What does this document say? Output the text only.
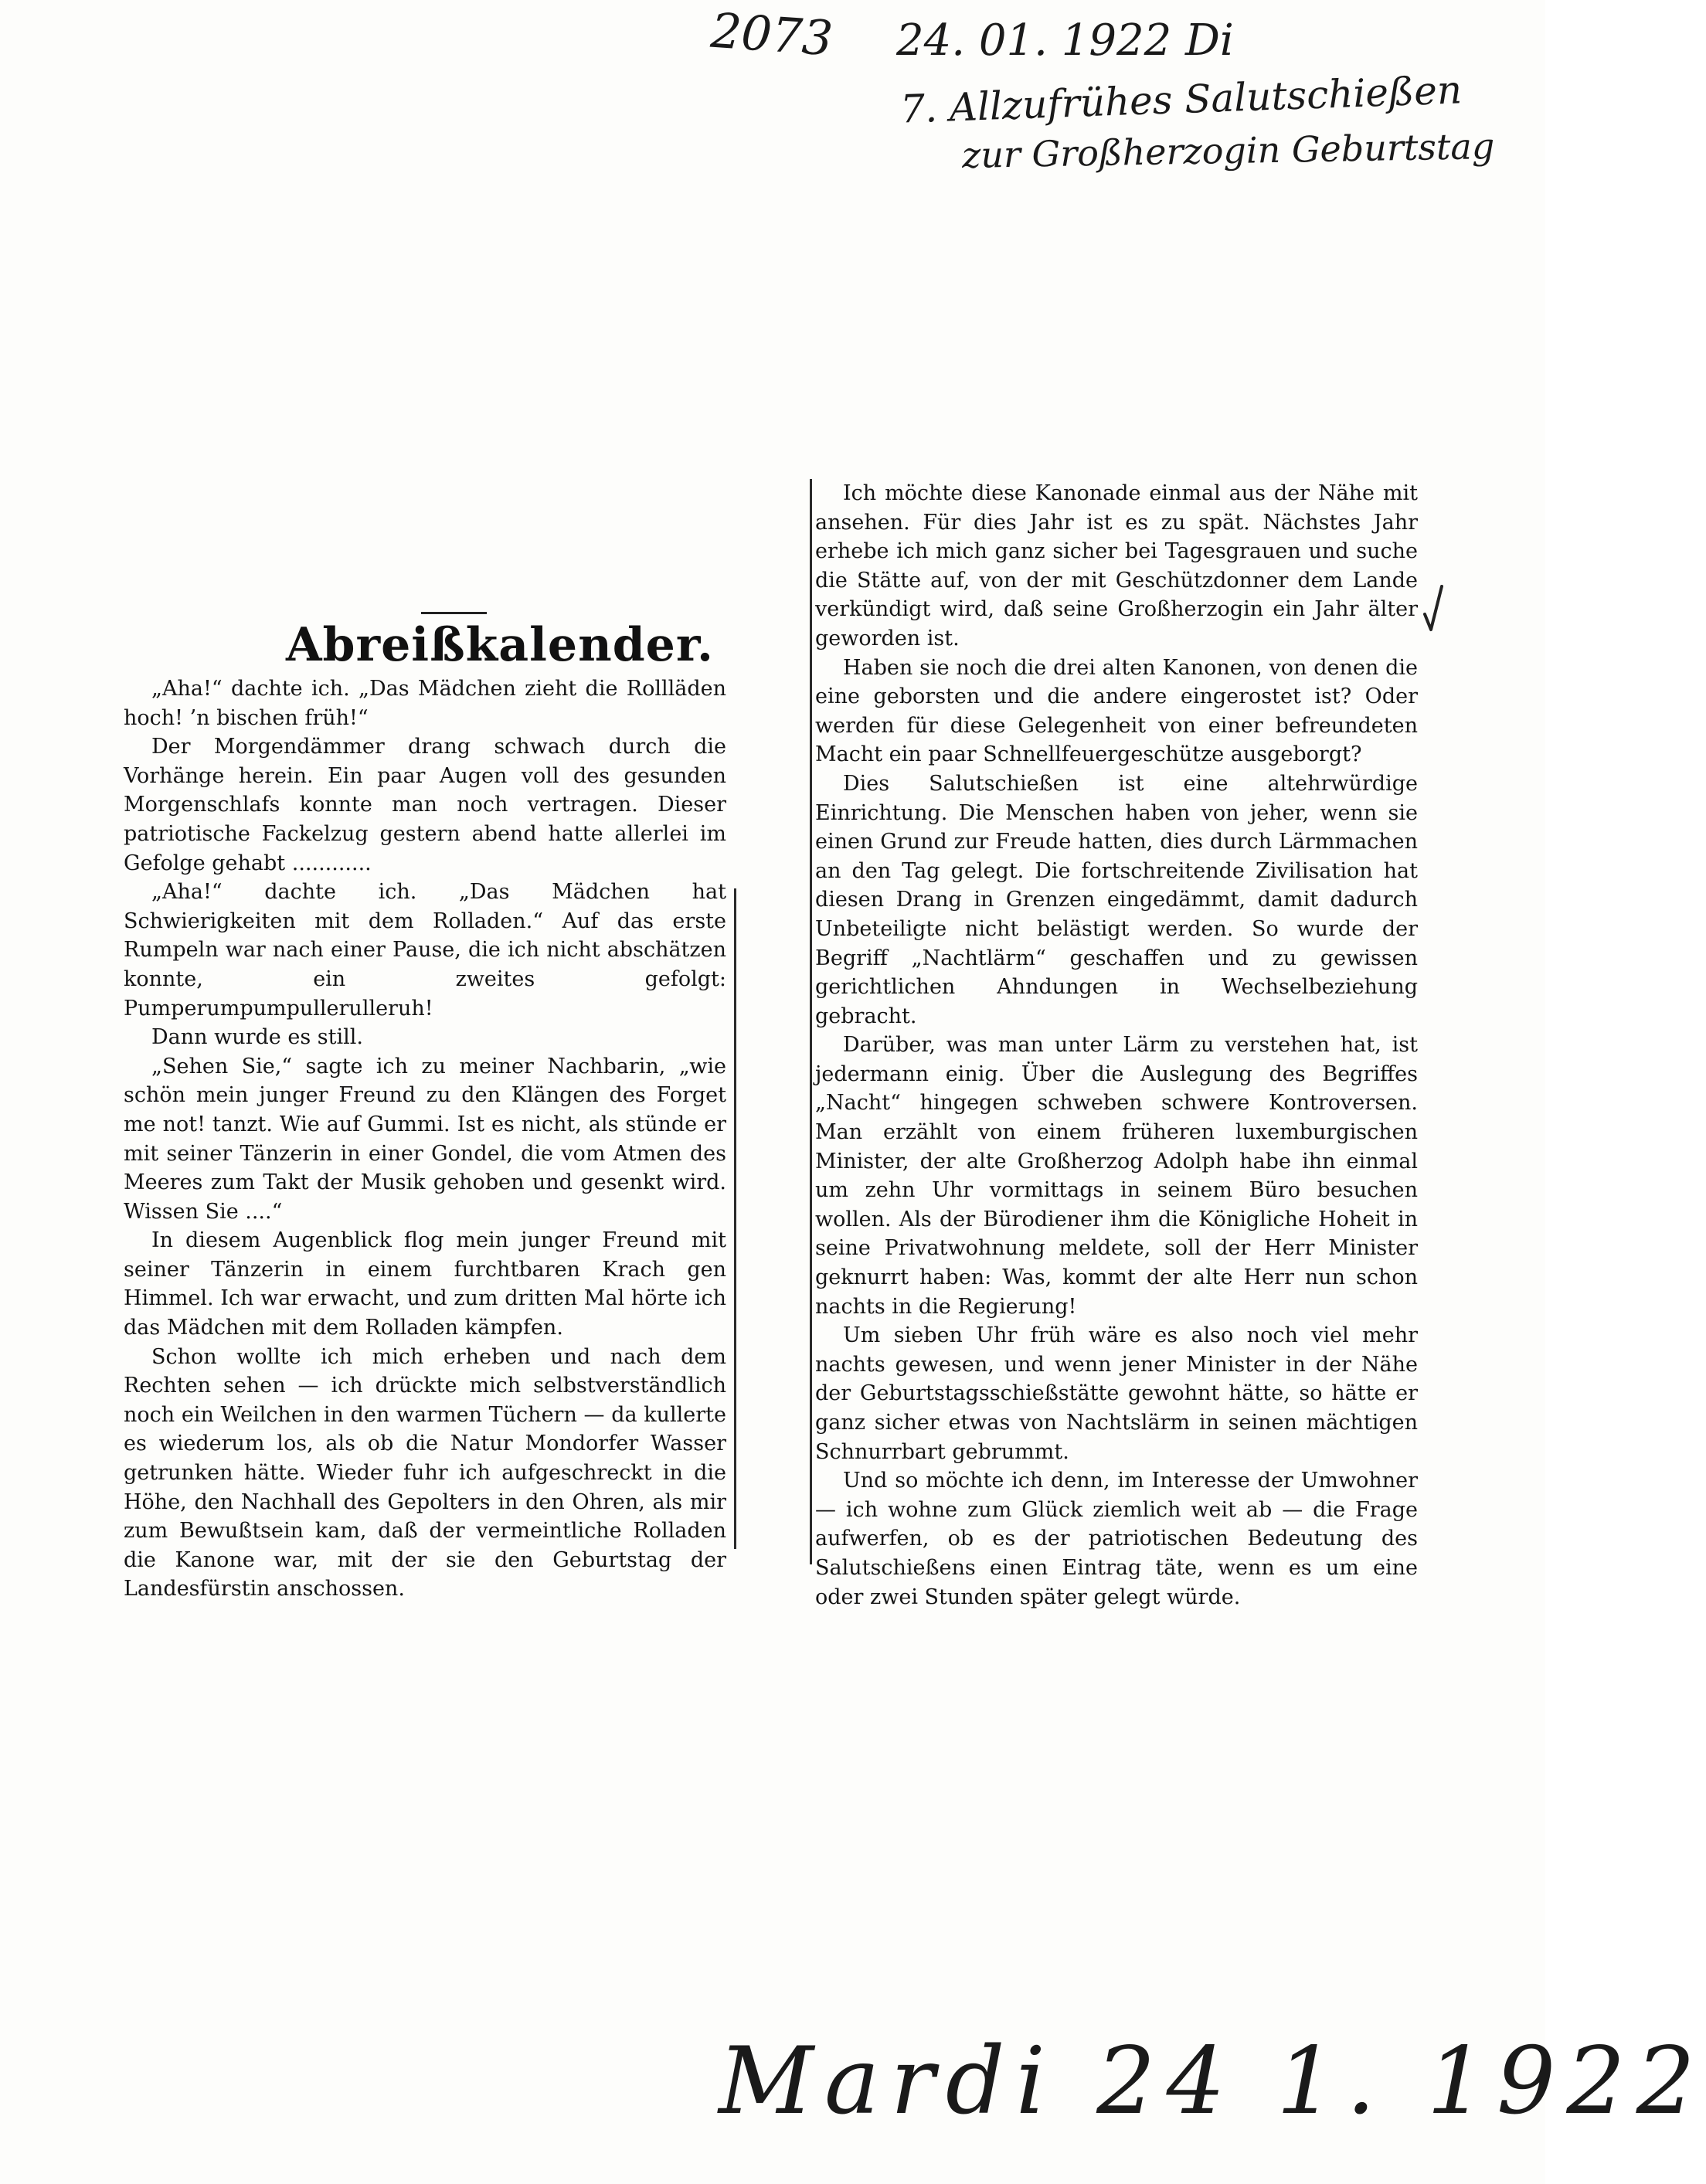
2073 24. 01. 1922 Di
7. Allzufrühes Salutschießen
zur Großherzogin Geburtstag
Abreißkalender.

„Aha!“ dachte ich. „Das Mädchen zieht die Rollläden hoch! ’n bischen früh!“

Der Morgendämmer drang schwach durch die Vorhänge herein. Ein paar Augen voll des gesunden Morgenschlafs konnte man noch vertragen. Dieser patriotische Fackelzug gestern abend hatte allerlei im Gefolge gehabt ............

„Aha!“ dachte ich. „Das Mädchen hat Schwierigkeiten mit dem Rolladen.“ Auf das erste Rumpeln war nach einer Pause, die ich nicht abschätzen konnte, ein zweites gefolgt: Pumperumpumpullerulleruh!

Dann wurde es still.

„Sehen Sie,“ sagte ich zu meiner Nachbarin, „wie schön mein junger Freund zu den Klängen des Forget me not! tanzt. Wie auf Gummi. Ist es nicht, als stünde er mit seiner Tänzerin in einer Gondel, die vom Atmen des Meeres zum Takt der Musik gehoben und gesenkt wird. Wissen Sie ....“

In diesem Augenblick flog mein junger Freund mit seiner Tänzerin in einem furchtbaren Krach gen Himmel. Ich war erwacht, und zum dritten Mal hörte ich das Mädchen mit dem Rolladen kämpfen.

Schon wollte ich mich erheben und nach dem Rechten sehen — ich drückte mich selbstverständlich noch ein Weilchen in den warmen Tüchern — da kullerte es wiederum los, als ob die Natur Mondorfer Wasser getrunken hätte. Wieder fuhr ich aufgeschreckt in die Höhe, den Nachhall des Gepolters in den Ohren, als mir zum Bewußtsein kam, daß der vermeintliche Rolladen die Kanone war, mit der sie den Geburtstag der Landesfürstin anschossen.

Ich möchte diese Kanonade einmal aus der Nähe mit ansehen. Für dies Jahr ist es zu spät. Nächstes Jahr erhebe ich mich ganz sicher bei Tagesgrauen und suche die Stätte auf, von der mit Geschützdonner dem Lande verkündigt wird, daß seine Großherzogin ein Jahr älter geworden ist.

Haben sie noch die drei alten Kanonen, von denen die eine geborsten und die andere eingerostet ist? Oder werden für diese Gelegenheit von einer befreundeten Macht ein paar Schnellfeuergeschütze ausgeborgt?

Dies Salutschießen ist eine altehrwürdige Einrichtung. Die Menschen haben von jeher, wenn sie einen Grund zur Freude hatten, dies durch Lärmmachen an den Tag gelegt. Die fortschreitende Zivilisation hat diesen Drang in Grenzen eingedämmt, damit dadurch Unbeteiligte nicht belästigt werden. So wurde der Begriff „Nachtlärm“ geschaffen und zu gewissen gerichtlichen Ahndungen in Wechselbeziehung gebracht.

Darüber, was man unter Lärm zu verstehen hat, ist jedermann einig. Über die Auslegung des Begriffes „Nacht“ hingegen schweben schwere Kontroversen. Man erzählt von einem früheren luxemburgischen Minister, der alte Großherzog Adolph habe ihn einmal um zehn Uhr vormittags in seinem Büro besuchen wollen. Als der Bürodiener ihm die Königliche Hoheit in seine Privatwohnung meldete, soll der Herr Minister geknurrt haben: Was, kommt der alte Herr nun schon nachts in die Regierung!

Um sieben Uhr früh wäre es also noch viel mehr nachts gewesen, und wenn jener Minister in der Nähe der Geburtstagsschießstätte gewohnt hätte, so hätte er ganz sicher etwas von Nachtslärm in seinen mächtigen Schnurrbart gebrummt.

Und so möchte ich denn, im Interesse der Umwohner — ich wohne zum Glück ziemlich weit ab — die Frage aufwerfen, ob es der patriotischen Bedeutung des Salutschießens einen Eintrag täte, wenn es um eine oder zwei Stunden später gelegt würde.

Mardi 24 1. 1922
